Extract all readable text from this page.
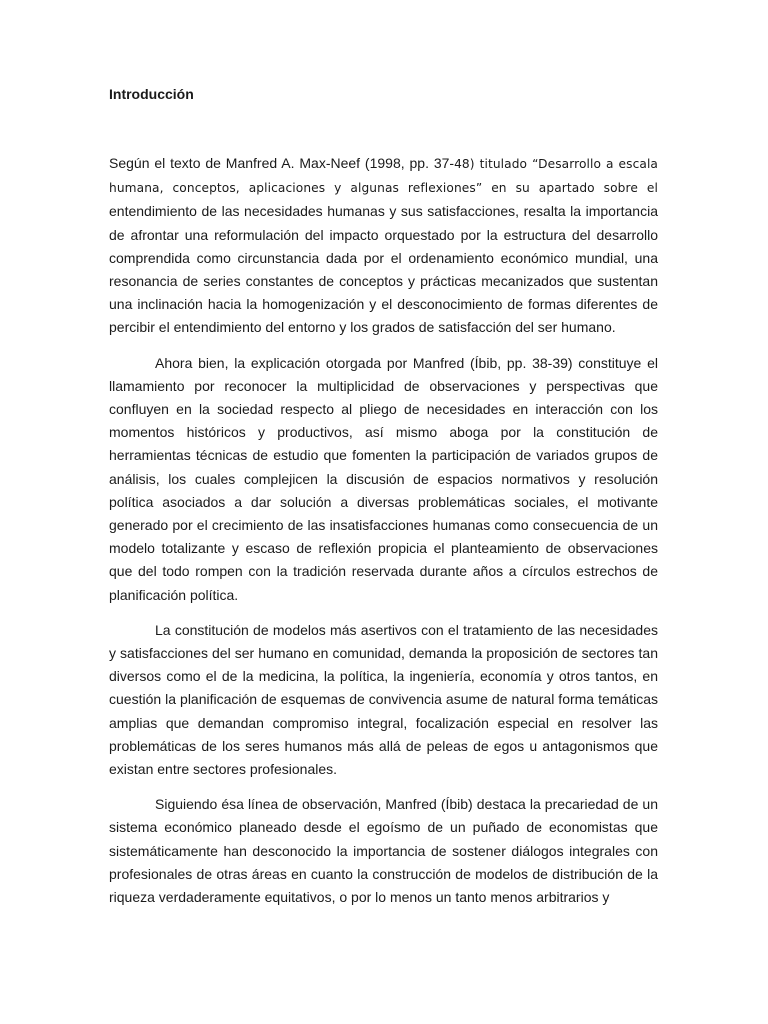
Introducción

Según el texto de Manfred A. Max-Neef (1998, pp. 37-48) titulado “Desarrollo a escala humana, conceptos, aplicaciones y algunas reflexiones” en su apartado sobre el entendimiento de las necesidades humanas y sus satisfacciones, resalta la importancia de afrontar una reformulación del impacto orquestado por la estructura del desarrollo comprendida como circunstancia dada por el ordenamiento económico mundial, una resonancia de series constantes de conceptos y prácticas mecanizados que sustentan una inclinación hacia la homogenización y el desconocimiento de formas diferentes de percibir el entendimiento del entorno y los grados de satisfacción del ser humano.

Ahora bien, la explicación otorgada por Manfred (Íbib, pp. 38-39) constituye el llamamiento por reconocer la multiplicidad de observaciones y perspectivas que confluyen en la sociedad respecto al pliego de necesidades en interacción con los momentos históricos y productivos, así mismo aboga por la constitución de herramientas técnicas de estudio que fomenten la participación de variados grupos de análisis, los cuales complejicen la discusión de espacios normativos y resolución política asociados a dar solución a diversas problemáticas sociales, el motivante generado por el crecimiento de las insatisfacciones humanas como consecuencia de un modelo totalizante y escaso de reflexión propicia el planteamiento de observaciones que del todo rompen con la tradición reservada durante años a círculos estrechos de planificación política.

La constitución de modelos más asertivos con el tratamiento de las necesidades y satisfacciones del ser humano en comunidad, demanda la proposición de sectores tan diversos como el de la medicina, la política, la ingeniería, economía y otros tantos, en cuestión la planificación de esquemas de convivencia asume de natural forma temáticas amplias que demandan compromiso integral, focalización especial en resolver las problemáticas de los seres humanos más allá de peleas de egos u antagonismos que existan entre sectores profesionales.

Siguiendo ésa línea de observación, Manfred (Íbib) destaca la precariedad de un sistema económico planeado desde el egoísmo de un puñado de economistas que sistemáticamente han desconocido la importancia de sostener diálogos integrales con profesionales de otras áreas en cuanto la construcción de modelos de distribución de la riqueza verdaderamente equitativos, o por lo menos un tanto menos arbitrarios y
